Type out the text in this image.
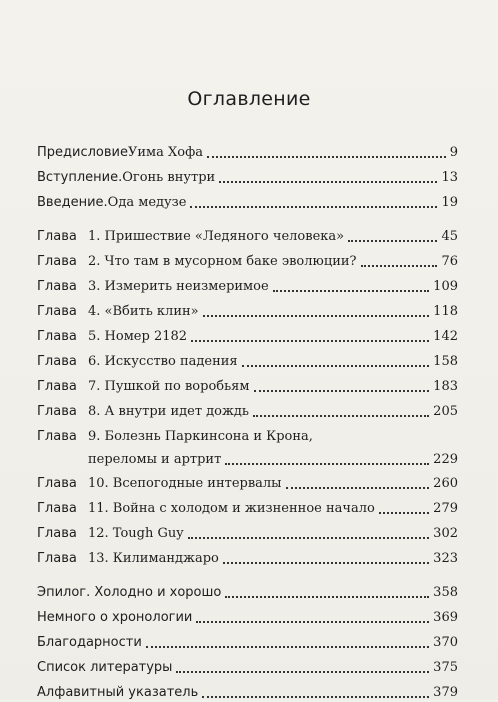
Оглавление
Предисловие Уима Хофа	9
Вступление. Огонь внутри	13
Введение. Ода медузе	19
Глава 1. Пришествие «Ледяного человека»	45
Глава 2. Что там в мусорном баке эволюции?	76
Глава 3. Измерить неизмеримое	109
Глава 4. «Вбить клин»	118
Глава 5. Номер 2182	142
Глава 6. Искусство падения	158
Глава 7. Пушкой по воробьям	183
Глава 8. А внутри идет дождь	205
Глава 9. Болезнь Паркинсона и Крона,
переломы и артрит	229
Глава 10. Всепогодные интервалы	260
Глава 11. Война с холодом и жизненное начало	279
Глава 12. Tough Guy	302
Глава 13. Килиманджаро	323
Эпилог. Холодно и хорошо	358
Немного о хронологии	369
Благодарности	370
Список литературы	375
Алфавитный указатель	379
